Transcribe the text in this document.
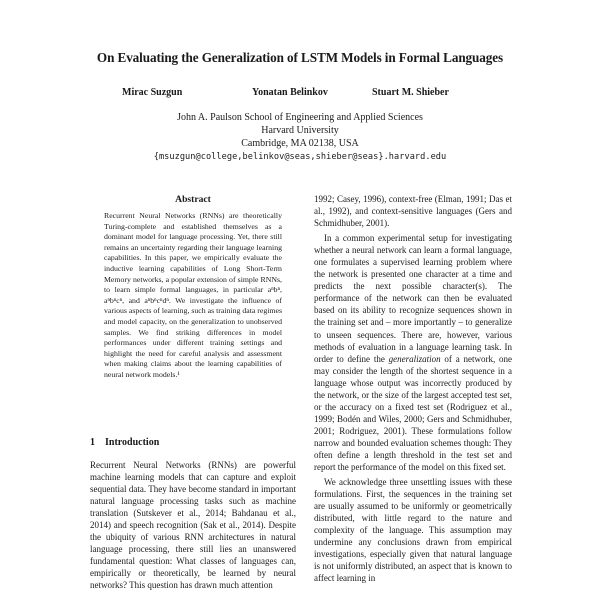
On Evaluating the Generalization of LSTM Models in Formal Languages
Mirac Suzgun	Yonatan Belinkov	Stuart M. Shieber
John A. Paulson School of Engineering and Applied Sciences
Harvard University
Cambridge, MA 02138, USA
{msuzgun@college,belinkov@seas,shieber@seas}.harvard.edu
Abstract
Recurrent Neural Networks (RNNs) are theoretically Turing-complete and established themselves as a dominant model for language processing. Yet, there still remains an uncertainty regarding their language learning capabilities. In this paper, we empirically evaluate the inductive learning capabilities of Long Short-Term Memory networks, a popular extension of simple RNNs, to learn simple formal languages, in particular aⁿbⁿ, aⁿbⁿcⁿ, and aⁿbⁿcⁿdⁿ. We investigate the influence of various aspects of learning, such as training data regimes and model capacity, on the generalization to unobserved samples. We find striking differences in model performances under different training settings and highlight the need for careful analysis and assessment when making claims about the learning capabilities of neural network models.¹
1 Introduction

Recurrent Neural Networks (RNNs) are powerful machine learning models that can capture and exploit sequential data. They have become standard in important natural language processing tasks such as machine translation (Sutskever et al., 2014; Bahdanau et al., 2014) and speech recognition (Sak et al., 2014). Despite the ubiquity of various RNN architectures in natural language processing, there still lies an unanswered fundamental question: What classes of languages can, empirically or theoretically, be learned by neural networks? This question has drawn much attention

1992; Casey, 1996), context-free (Elman, 1991; Das et al., 1992), and context-sensitive languages (Gers and Schmidhuber, 2001).

In a common experimental setup for investigating whether a neural network can learn a formal language, one formulates a supervised learning problem where the network is presented one character at a time and predicts the next possible character(s). The performance of the network can then be evaluated based on its ability to recognize sequences shown in the training set and – more importantly – to generalize to unseen sequences. There are, however, various methods of evaluation in a language learning task. In order to define the generalization of a network, one may consider the length of the shortest sequence in a language whose output was incorrectly produced by the network, or the size of the largest accepted test set, or the accuracy on a fixed test set (Rodriguez et al., 1999; Bodén and Wiles, 2000; Gers and Schmidhuber, 2001; Rodriguez, 2001). These formulations follow narrow and bounded evaluation schemes though: They often define a length threshold in the test set and report the performance of the model on this fixed set.

We acknowledge three unsettling issues with these formulations. First, the sequences in the training set are usually assumed to be uniformly or geometrically distributed, with little regard to the nature and complexity of the language. This assumption may undermine any conclusions drawn from empirical investigations, especially given that natural language is not uniformly distributed, an aspect that is known to affect learning in
